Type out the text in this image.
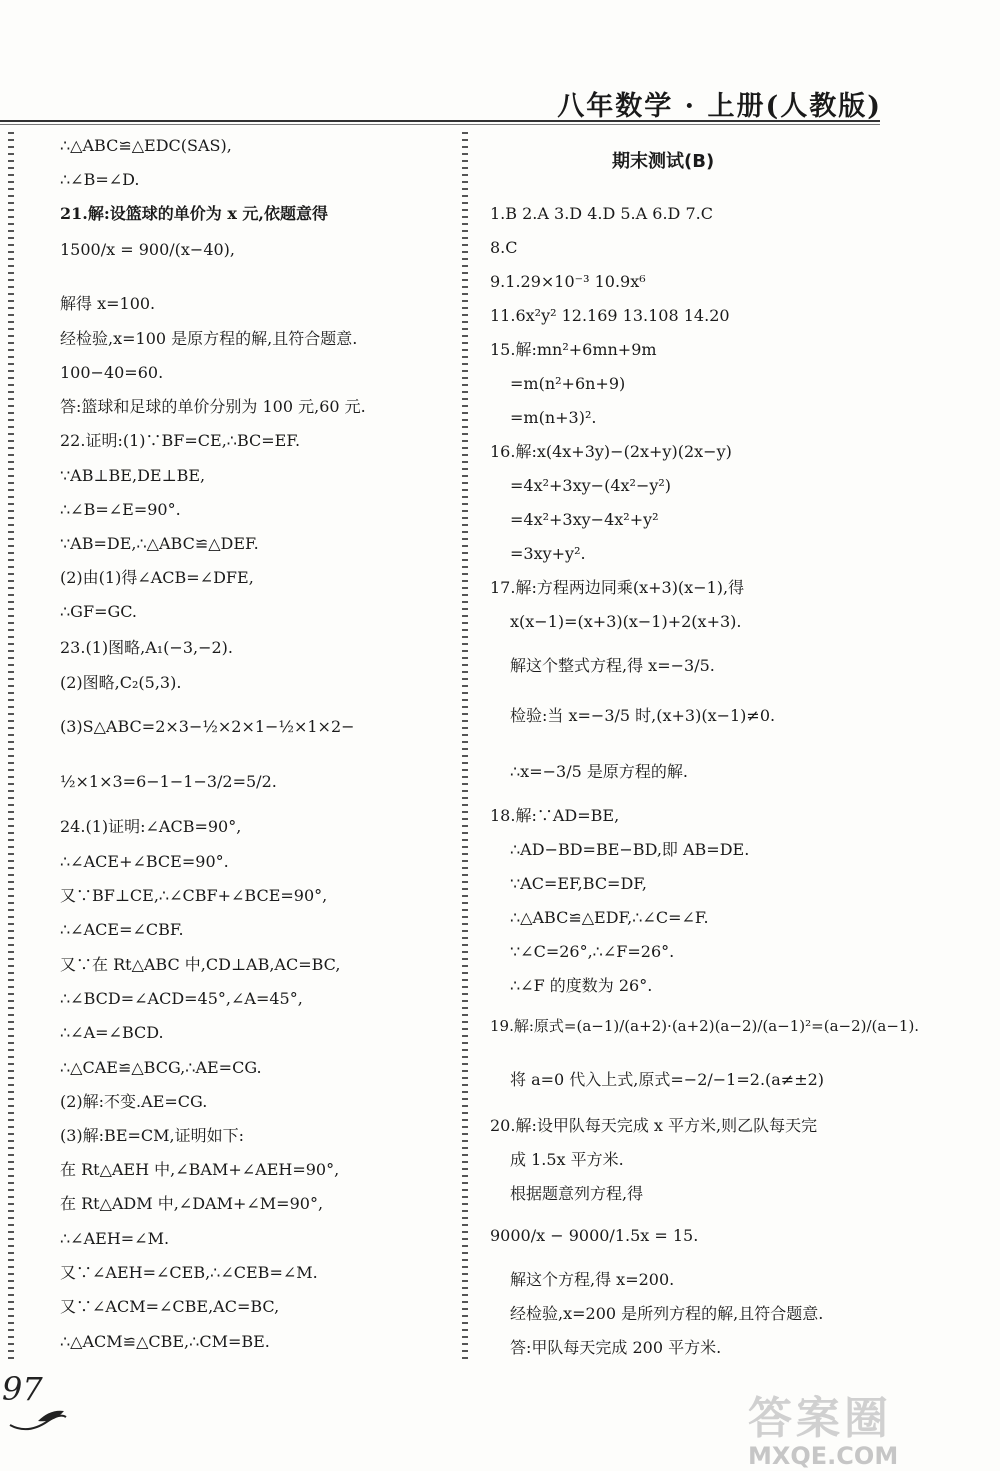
八年数学 · 上册(人教版)
∴△ABC≌△EDC(SAS),
∴∠B=∠D.
21.解:设篮球的单价为 x 元,依题意得
1500/x = 900/(x−40),
解得 x=100.
经检验,x=100 是原方程的解,且符合题意.
100−40=60.
答:篮球和足球的单价分别为 100 元,60 元.
22.证明:(1)∵BF=CE,∴BC=EF.
∵AB⊥BE,DE⊥BE,
∴∠B=∠E=90°.
∵AB=DE,∴△ABC≌△DEF.
(2)由(1)得∠ACB=∠DFE,
∴GF=GC.
23.(1)图略,A₁(−3,−2).
(2)图略,C₂(5,3).
(3)S△ABC=2×3−½×2×1−½×1×2−
½×1×3=6−1−1−3/2=5/2.
24.(1)证明:∠ACB=90°,
∴∠ACE+∠BCE=90°.
又∵BF⊥CE,∴∠CBF+∠BCE=90°,
∴∠ACE=∠CBF.
又∵在 Rt△ABC 中,CD⊥AB,AC=BC,
∴∠BCD=∠ACD=45°,∠A=45°,
∴∠A=∠BCD.
∴△CAE≌△BCG,∴AE=CG.
(2)解:不变.AE=CG.
(3)解:BE=CM,证明如下:
在 Rt△AEH 中,∠BAM+∠AEH=90°,
在 Rt△ADM 中,∠DAM+∠M=90°,
∴∠AEH=∠M.
又∵∠AEH=∠CEB,∴∠CEB=∠M.
又∵∠ACM=∠CBE,AC=BC,
∴△ACM≌△CBE,∴CM=BE.
期末测试(B)
1.B 2.A 3.D 4.D 5.A 6.D 7.C
8.C
9.1.29×10⁻³ 10.9x⁶
11.6x²y² 12.169 13.108 14.20
15.解:mn²+6mn+9m
=m(n²+6n+9)
=m(n+3)².
16.解:x(4x+3y)−(2x+y)(2x−y)
=4x²+3xy−(4x²−y²)
=4x²+3xy−4x²+y²
=3xy+y².
17.解:方程两边同乘(x+3)(x−1),得
x(x−1)=(x+3)(x−1)+2(x+3).
解这个整式方程,得 x=−3/5.
检验:当 x=−3/5 时,(x+3)(x−1)≠0.
∴x=−3/5 是原方程的解.
18.解:∵AD=BE,
∴AD−BD=BE−BD,即 AB=DE.
∵AC=EF,BC=DF,
∴△ABC≌△EDF,∴∠C=∠F.
∵∠C=26°,∴∠F=26°.
∴∠F 的度数为 26°.
19.解:原式=(a−1)/(a+2)·(a+2)(a−2)/(a−1)²=(a−2)/(a−1).
将 a=0 代入上式,原式=−2/−1=2.(a≠±2)
20.解:设甲队每天完成 x 平方米,则乙队每天完
成 1.5x 平方米.
根据题意列方程,得
9000/x − 9000/1.5x = 15.
解这个方程,得 x=200.
经检验,x=200 是所列方程的解,且符合题意.
答:甲队每天完成 200 平方米.
97
答案圈
MXQE.COM
